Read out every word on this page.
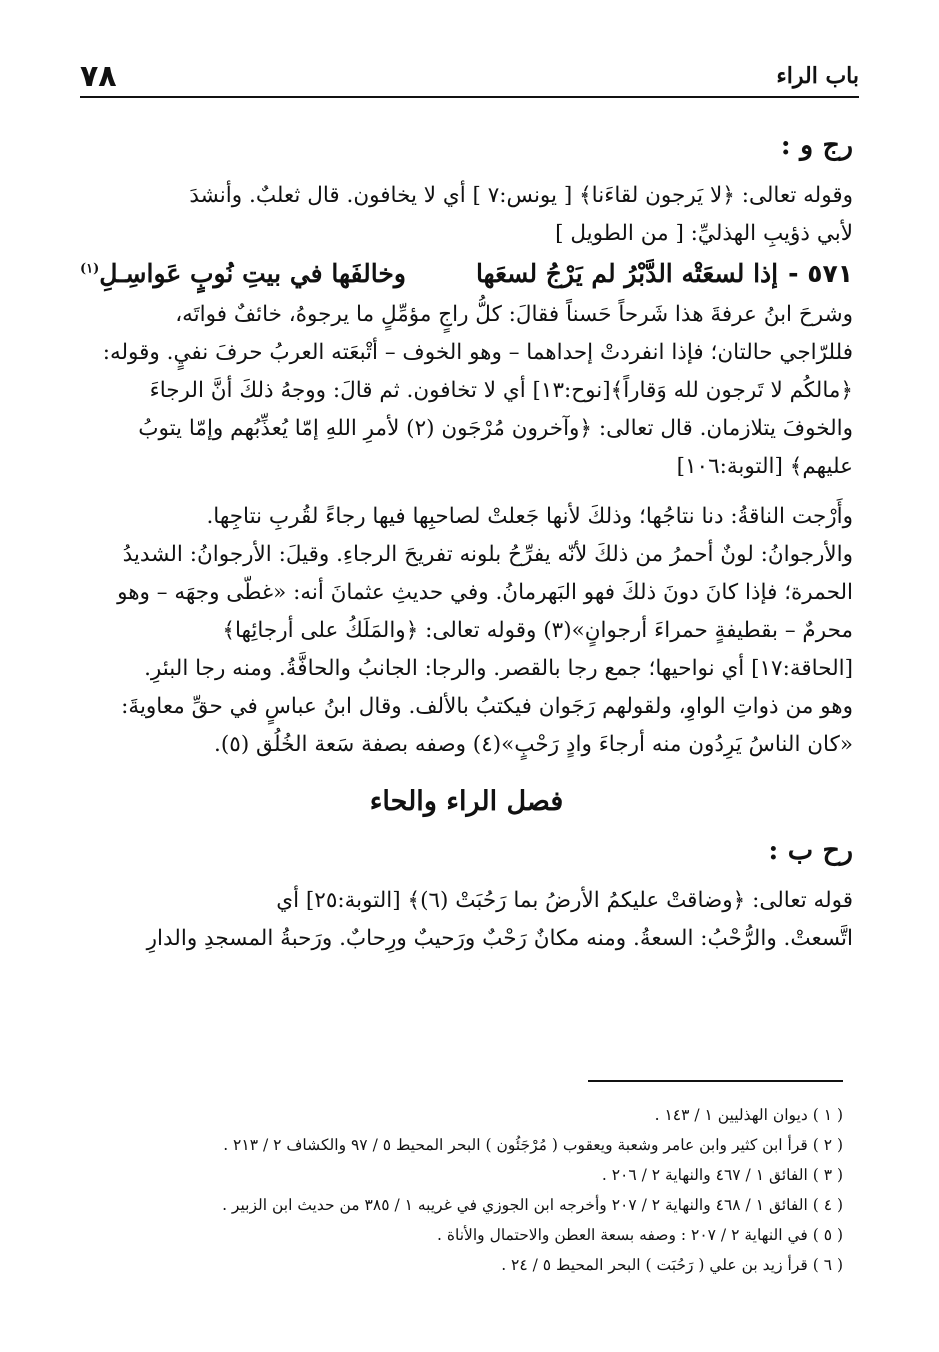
باب الراء
٧٨
رج و :

وقوله تعالى: ﴿لا يَرجون لقاءَنا﴾ [ يونس:٧ ] أي لا يخافون. قال ثعلبٌ. وأنشدَ

لأبي ذؤيبِ الهذليِّ: [ من الطويل ]

٥٧١ -
إذا لسعَتْه الدَّبْرُ لم يَرْجُ لسعَها
وخالفَها في بيتِ نُوبٍ عَواسِـلِ$^{(١)}$

وشرحَ ابنُ عرفةَ هذا شَرحاً حَسناً فقالَ: كلُّ راجٍ مؤمِّلٍ ما يرجوهُ، خائفٌ فواتَه،

فللرّاجي حالتان؛ فإذا انفردتْ إحداهما – وهو الخوف – أتْبعَته العربُ حرفَ نفيٍ. وقوله:

﴿مالكُم لا تَرجون لله وَقاراً﴾[نوح:١٣] أي لا تخافون. ثم قالَ: ووجهُ ذلكَ أنَّ الرجاءَ

والخوفَ يتلازمان. قال تعالى: ﴿وآخرون مُرْجَون (٢) لأمرِ اللهِ إمّا يُعذِّبُهم وإمّا يتوبُ

عليهم﴾ [التوبة:١٠٦]

وأَرْجت الناقةُ: دنا نتاجُها؛ وذلكَ لأنها جَعلتْ لصاحبِها فيها رجاءً لقُربِ نتاجِها.

والأرجوانُ: لونٌ أحمرُ من ذلكَ لأنّه يفرِّحُ بلونه تفريحَ الرجاءِ. وقيلَ: الأرجوانُ: الشديدُ

الحمرة؛ فإذا كانَ دونَ ذلكَ فهو البَهرمانُ. وفي حديثِ عثمانَ أنه: «غطّى وجهَه – وهو

محرمٌ – بقطيفةٍ حمراءَ أرجوانٍ»(٣) وقوله تعالى: ﴿والمَلَكُ على أرجائِها﴾

[الحاقة:١٧] أي نواحيها؛ جمع رجا بالقصر. والرجا: الجانبُ والحافَّةُ. ومنه رجا البئرِ.

وهو من ذواتِ الواوِ، ولقولهم رَجَوان فيكتبُ بالألف. وقال ابنُ عباسٍ في حقِّ معاويةَ:

«كان الناسُ يَرِدُون منه أرجاءَ وادٍ رَحْبٍ»(٤) وصفه بصفة سَعة الخُلُق (٥).

فصل الراء والحاء
رح ب :

قوله تعالى: ﴿وضاقتْ عليكمُ الأرضُ بما رَحُبَتْ (٦)﴾ [التوبة:٢٥] أي

اتَّسعتْ. والرُّحْبُ: السعةُ. ومنه مكانٌ رَحْبٌ ورَحيبٌ ورِحابٌ. ورَحبةُ المسجدِ والدارِ

( ١ ) ديوان الهذليين ١ / ١٤٣ .
( ٢ ) قرأ ابن كثير وابن عامر وشعبة ويعقوب ( مُرْجَئُون ) البحر المحيط ٥ / ٩٧ والكشاف ٢ / ٢١٣ .
( ٣ ) الفائق ١ / ٤٦٧ والنهاية ٢ / ٢٠٦ .
( ٤ ) الفائق ١ / ٤٦٨ والنهاية ٢ / ٢٠٧ وأخرجه ابن الجوزي في غريبه ١ / ٣٨٥ من حديث ابن الزبير .
( ٥ ) في النهاية ٢ / ٢٠٧ : وصفه بسعة العطن والاحتمال والأناة .
( ٦ ) قرأ زيد بن علي ( رَحُبَت ) البحر المحيط ٥ / ٢٤ .
